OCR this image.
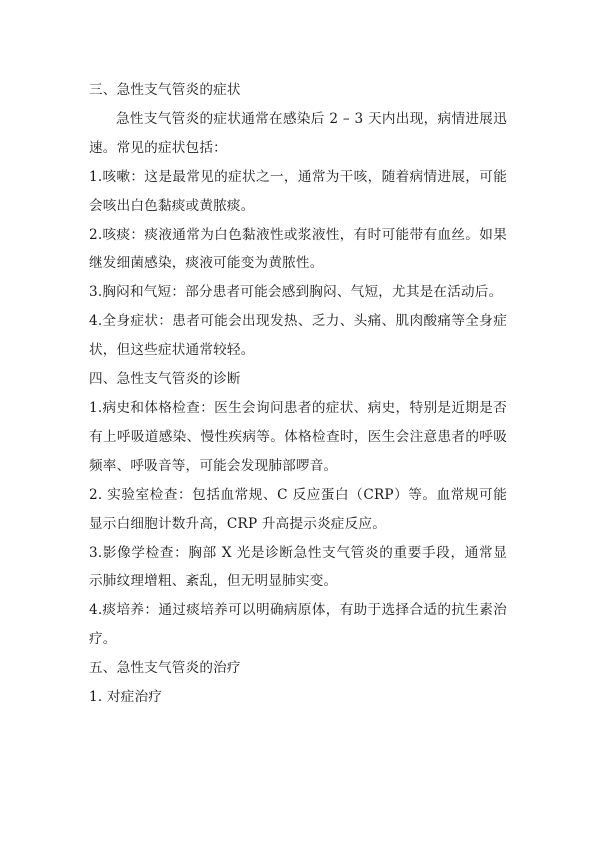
三、急性支气管炎的症状

急性支气管炎的症状通常在感染后 2 – 3 天内出现，病情进展迅速。常见的症状包括：

1.咳嗽：这是最常见的症状之一，通常为干咳，随着病情进展，可能会咳出白色黏痰或黄脓痰。

2.咳痰：痰液通常为白色黏液性或浆液性，有时可能带有血丝。如果继发细菌感染，痰液可能变为黄脓性。

3.胸闷和气短：部分患者可能会感到胸闷、气短，尤其是在活动后。

4.全身症状：患者可能会出现发热、乏力、头痛、肌肉酸痛等全身症状，但这些症状通常较轻。

四、急性支气管炎的诊断

1.病史和体格检查：医生会询问患者的症状、病史，特别是近期是否有上呼吸道感染、慢性疾病等。体格检查时，医生会注意患者的呼吸频率、呼吸音等，可能会发现肺部啰音。

2. 实验室检查：包括血常规、C 反应蛋白（CRP）等。血常规可能显示白细胞计数升高，CRP 升高提示炎症反应。

3.影像学检查：胸部 X 光是诊断急性支气管炎的重要手段，通常显示肺纹理增粗、紊乱，但无明显肺实变。

4.痰培养：通过痰培养可以明确病原体，有助于选择合适的抗生素治疗。

五、急性支气管炎的治疗

1. 对症治疗
